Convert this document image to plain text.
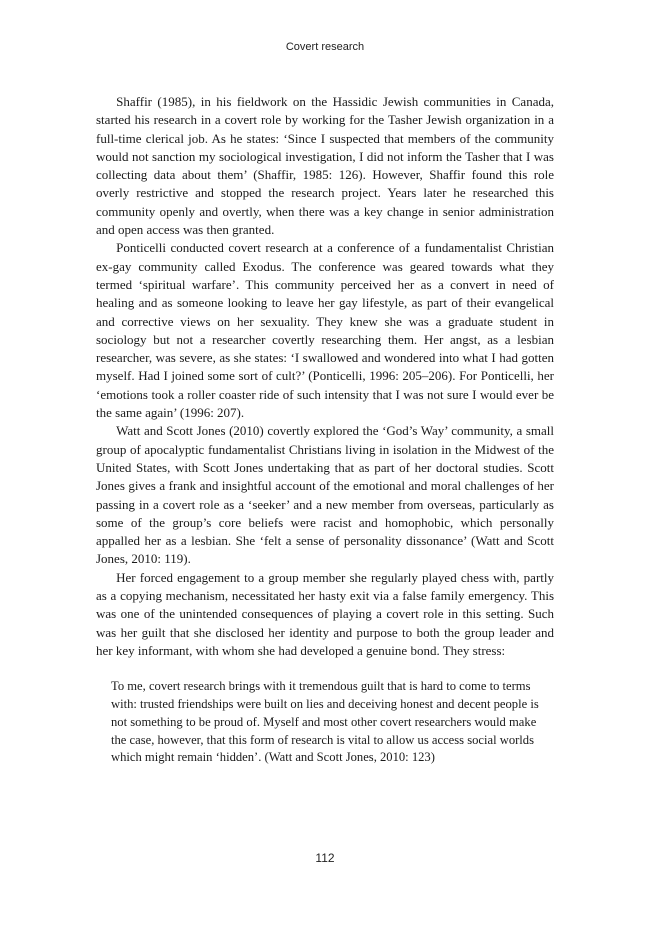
Covert research

Shaffir (1985), in his fieldwork on the Hassidic Jewish communities in Canada, started his research in a covert role by working for the Tasher Jewish organization in a full-time clerical job. As he states: ‘Since I suspected that members of the community would not sanction my sociological investigation, I did not inform the Tasher that I was collecting data about them’ (Shaffir, 1985: 126). However, Shaffir found this role overly restrictive and stopped the research project. Years later he researched this community openly and overtly, when there was a key change in senior administration and open access was then granted.

Ponticelli conducted covert research at a conference of a fundamentalist Christian ex-gay community called Exodus. The conference was geared towards what they termed ‘spiritual warfare’. This community perceived her as a convert in need of healing and as someone looking to leave her gay lifestyle, as part of their evangelical and corrective views on her sexuality. They knew she was a graduate student in sociology but not a researcher covertly researching them. Her angst, as a lesbian researcher, was severe, as she states: ‘I swallowed and wondered into what I had gotten myself. Had I joined some sort of cult?’ (Ponticelli, 1996: 205–206). For Ponticelli, her ‘emotions took a roller coaster ride of such intensity that I was not sure I would ever be the same again’ (1996: 207).

Watt and Scott Jones (2010) covertly explored the ‘God’s Way’ community, a small group of apocalyptic fundamentalist Christians living in isolation in the Midwest of the United States, with Scott Jones undertaking that as part of her doctoral studies. Scott Jones gives a frank and insightful account of the emotional and moral challenges of her passing in a covert role as a ‘seeker’ and a new member from overseas, particularly as some of the group’s core beliefs were racist and homophobic, which personally appalled her as a lesbian. She ‘felt a sense of personality dissonance’ (Watt and Scott Jones, 2010: 119).

Her forced engagement to a group member she regularly played chess with, partly as a copying mechanism, necessitated her hasty exit via a false family emergency. This was one of the unintended consequences of playing a covert role in this setting. Such was her guilt that she disclosed her identity and purpose to both the group leader and her key informant, with whom she had developed a genuine bond. They stress:

To me, covert research brings with it tremendous guilt that is hard to come to terms with: trusted friendships were built on lies and deceiving honest and decent people is not something to be proud of. Myself and most other covert researchers would make the case, however, that this form of research is vital to allow us access social worlds which might remain ‘hidden’. (Watt and Scott Jones, 2010: 123)
112
